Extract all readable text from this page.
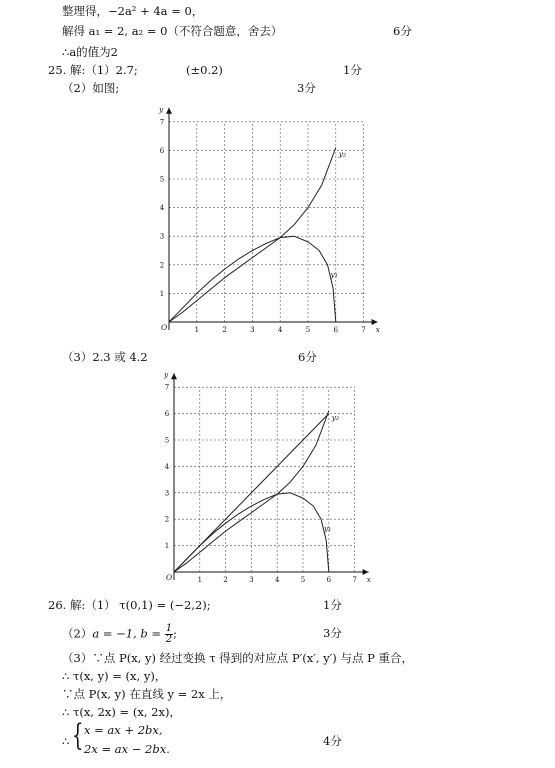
整理得，−2a² + 4a = 0，
解得 a₁ = 2, a₂ = 0（不符合题意，舍去）	6分
∴a的值为2
25. 解:（1）2.7;	(±0.2)	1分
（2）如图;	3分
1	2	3	4	5	6	7
1
2
3
4
5
6
7
O	x
y
y₁
y₂
（3）2.3 或 4.2	6分
1	2	3	4	5	6	7
1
2
3
4
5
6
7
O	x
y
y₁
y₂
26. 解:（1） τ(0,1) = (−2,2);	1分
（2）a = −1, $b = \frac{1}{2}$ ;	3分
（3）∵点 P(x, y) 经过变换 τ 得到的对应点 P′(x′, y′) 与点 P 重合，
∴ τ(x, y) = (x, y)，
∵点 P(x, y) 在直线 y = 2x 上，
∴ τ(x, 2x) = (x, 2x)，
∴ { x = ax + 2bx,
2x = ax − 2bx.
4分
